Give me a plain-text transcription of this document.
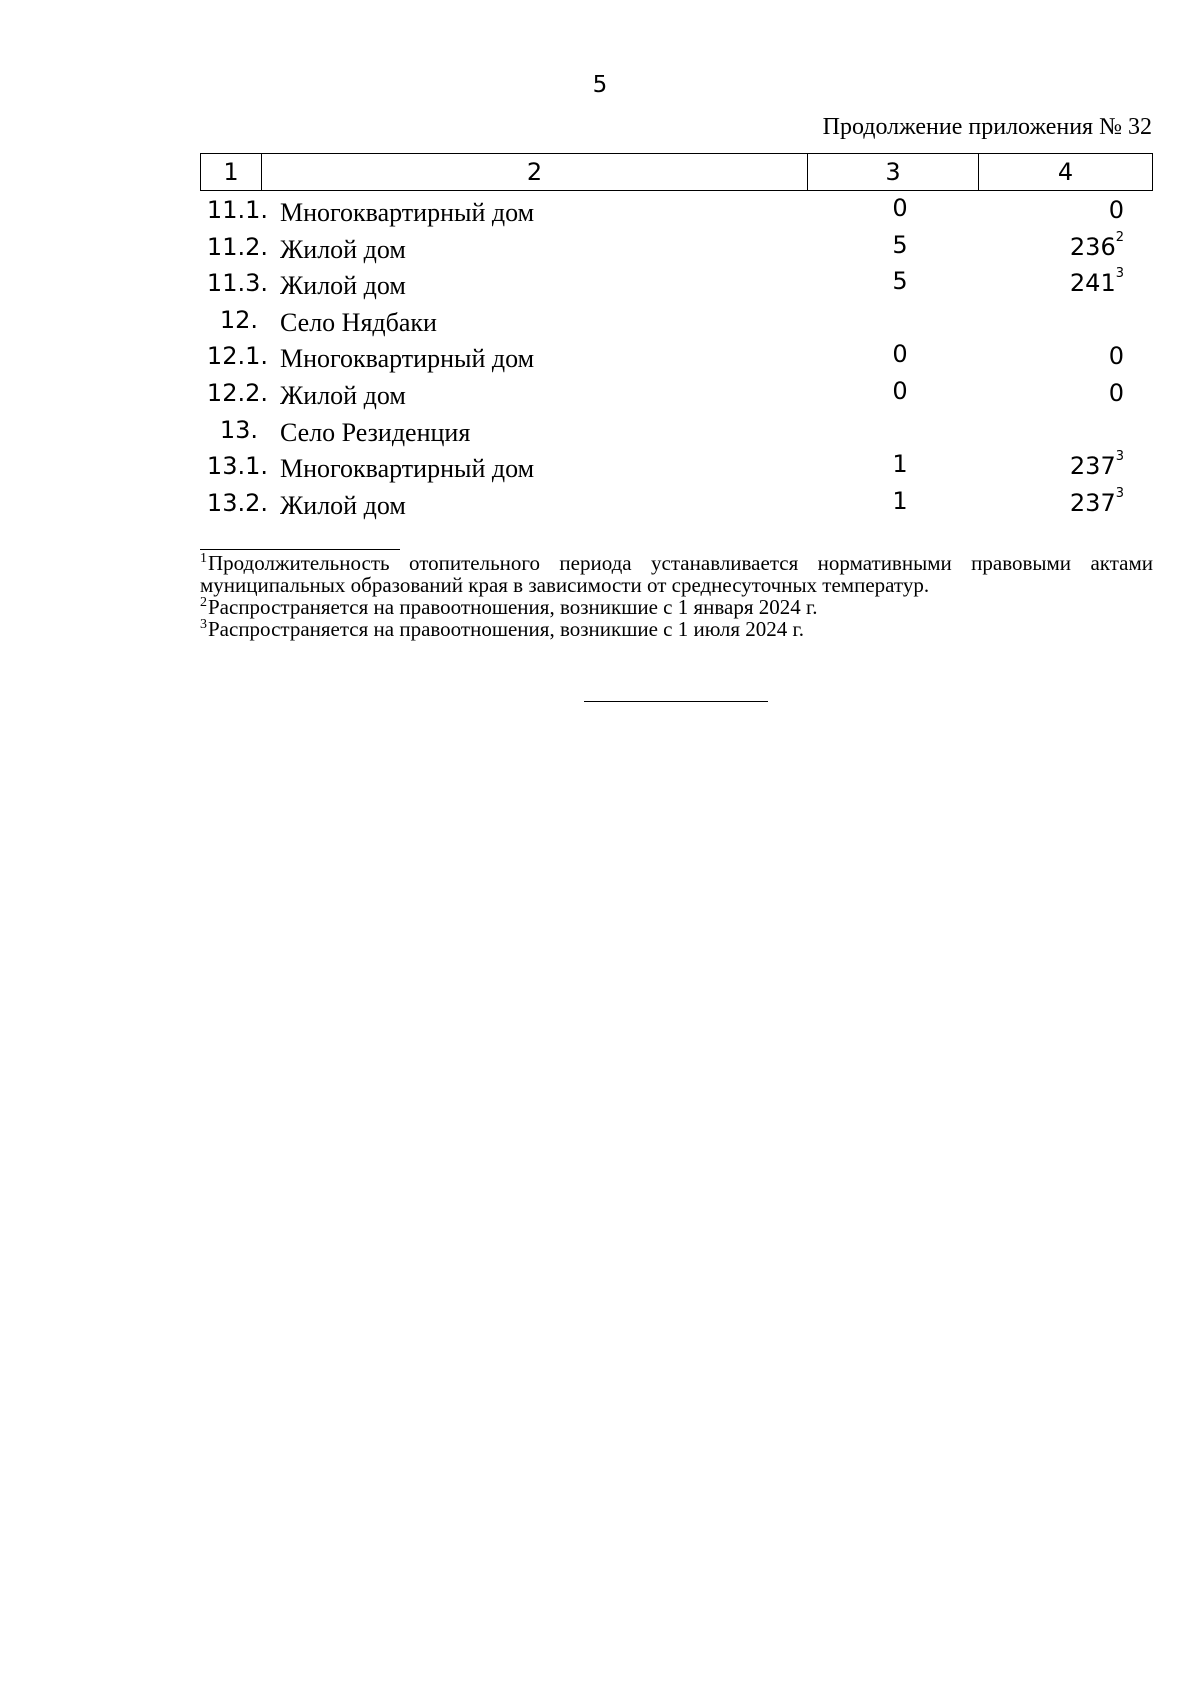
5
Продолжение приложения № 32
1	2	3	4
11.1. Многоквартирный дом	0	0
11.2. Жилой дом	5	$236^2$
11.3. Жилой дом	5	$241^3$
12. Село Нядбаки
12.1. Многоквартирный дом	0	0
12.2. Жилой дом	0	0
13. Село Резиденция
13.1. Многоквартирный дом	1	$237^3$
13.2. Жилой дом	1	$237^3$

$^1$Продолжительность отопительного периода устанавливается нормативными правовыми актами муниципальных образований края в зависимости от среднесуточных температур.

$^2$Распространяется на правоотношения, возникшие с 1 января 2024 г.

$^3$Распространяется на правоотношения, возникшие с 1 июля 2024 г.
